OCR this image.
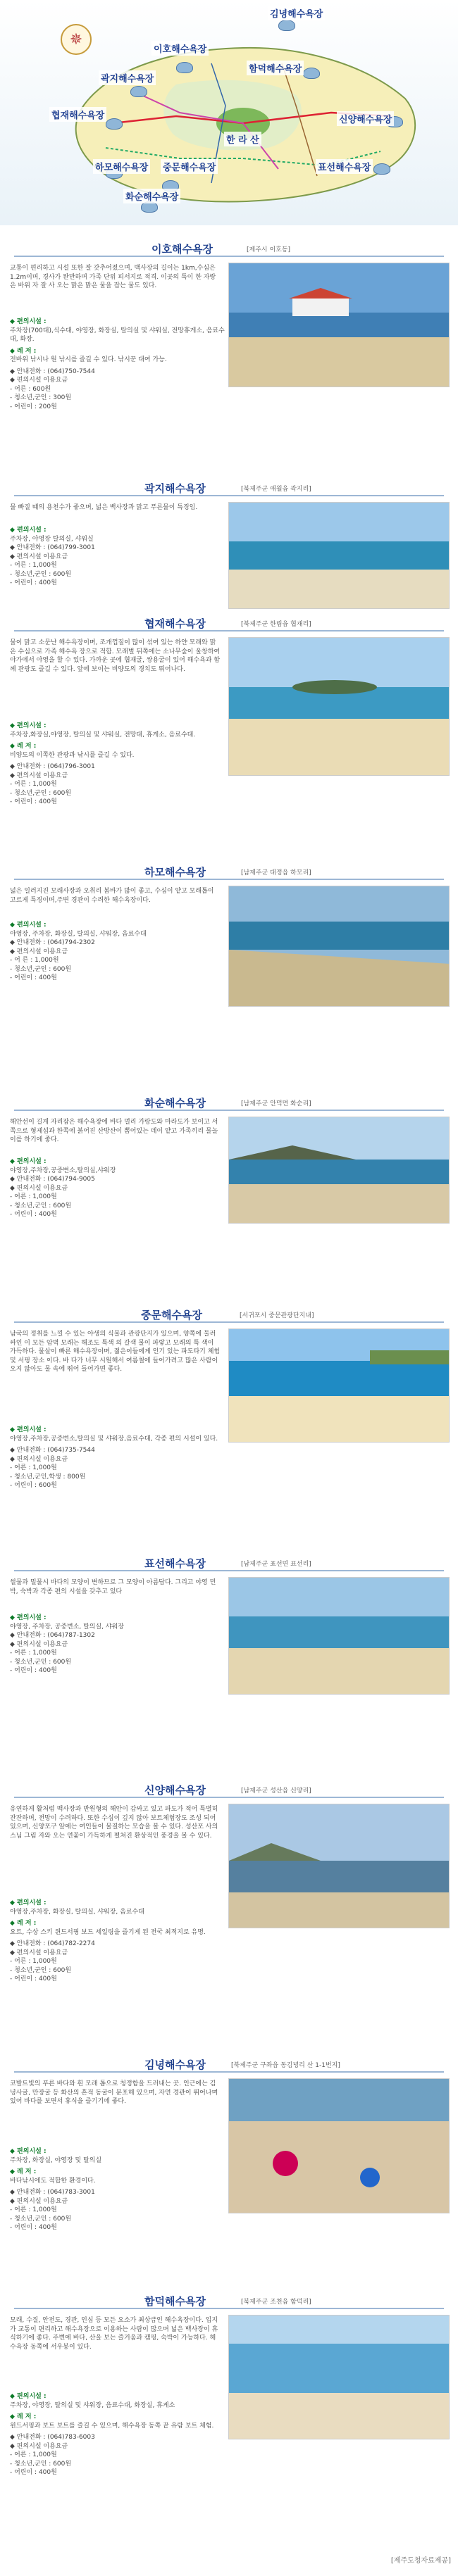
✵
김녕해수욕장
이호해수욕장
함덕해수욕장
곽지해수욕장
협재해수욕장	신양해수욕장
한 라 산
하모해수욕장 중문해수욕장	표선해수욕장
화순해수욕장
이호해수욕장	[제주시 이호동]
교통이 편리하고 시설 또한 잘 갖추어졌으며, 백사장의 길이는 1km,수심은 1.2m이며, 경사가 완만하며 가족 단위 피서지로 적격. 이곳의 특이 한 자랑은 바위 자 잘 사 오는 맑은 맑은 물을 잡는 물도 있다.
◆ 편의시설 :
주차장(700대),식수대, 야영장, 화장실, 탈의실 및 샤워실, 전망휴게소, 음료수대, 화장.
◆ 레 저 :
전바위 낚시나 원 낚시를 즐길 수 있다. 낚시꾼 대여 가능.
◆ 안내전화 : (064)750-7544
◆ 편의시설 이용요금
- 어른 : 600원
- 청소년,군인 : 300원
- 어린이 : 200원
곽지해수욕장	[북제주군 애월읍 곽지리]
물 빠질 때의 용천수가 좋으며, 넓은 백사장과 맑고 푸른물이 특징임.
◆ 편의시설 :
주차장, 야영장 탈의실, 샤워실
◆ 안내전화 : (064)799-3001
◆ 편의시설 이용요금
- 어른 : 1,000원
- 청소년,군인 : 600원
- 어린이 : 400원
협재해수욕장	[북제주군 한림읍 협재리]
물이 맑고 소문난 해수욕장이며, 조개껍질이 많이 섞여 있는 하얀 모래와 맑은 수심으로 가족 해수욕 장으로 적합. 모래벌 뒤쪽에는 소나무숲이 울창하여 야가에서 야영을 할 수 있다. 가까운 곳에 협재굴, 쌍용굴이 있어 해수욕과 함께 관광도 즐길 수 있다. 앞에 보이는 비양도의 경치도 뛰어나다.
◆ 편의시설 :
주차장,화장실,야영장, 탈의실 및 샤워실, 전망대, 휴게소, 음료수대.
◆ 레 저 :
비양도의 이쪽한 관광과 낚시를 즐길 수 있다.
◆ 안내전화 : (064)796-3001
◆ 편의시설 이용요금
- 어른 : 1,000원
- 청소년,군인 : 600원
- 어린이 : 400원
하모해수욕장	[남제주군 대정읍 하모리]
넓은 일러지진 모래사장과 오취리 봄바가 많이 좋고, 수심이 얕고 모래톱이 고르게 특징이며,주변 경관이 수려한 해수욕장이다.
◆ 편의시설 :
야영장, 주차장, 화장실, 탈의실, 샤워장, 음료수대
◆ 안내전화 : (064)794-2302
◆ 편의시설 이용요금
- 어 른 : 1,000원
- 청소년,군인 : 600원
- 어린이 : 400원
화순해수욕장	[남제주군 안덕면 화순리]
해안선이 길게 자리잡은 해수욕장에 바다 멀리 가랑도와 마라도가 보이고 서쪽으로 형제섬과 한쪽에 붉어진 산방산이 뽐어있는 데이 얕고 가족끼리 물놀이를 하기에 좋다.
◆ 편의시설 :
야영장,주차장,공중변소,탈의실,샤워장
◆ 안내전화 : (064)794-9005
◆ 편의시설 이용요금
- 어른 : 1,000원
- 청소년,군인 : 600원
- 어린이 : 400원
중문해수욕장	[서귀포시 중문관광단지내]
남국의 정취를 느낄 수 있는 야생의 식물과 관광단지가 있으며, 양쪽에 둘러싸인 이 모든 암벽 모래는 해조도 특색 의 갈색 물이 파랗고 모래의 특 색이 가득하다. 물살이 빠른 해수욕장이며, 젊은이들에게 인기 있는 파도타기 체험 및 서핑 장소 이다. 바 다가 너무 시원해서 여름철에 들어가려고 많은 사람이 오지 않아도 물 속에 뛰어 들어가면 좋다.
◆ 편의시설 :
야영장,주차장,공중변소,탈의실 및 샤워장,음료수대, 각종 편의 시설이 있다.
◆ 안내전화 : (064)735-7544
◆ 편의시설 이용요금
- 어른 : 1,000원
- 청소년,군인,학생 : 800원
- 어린이 : 600원
표선해수욕장	[남제주군 표선면 표선리]
썰물과 밀물시 바다의 모양이 변하므로 그 모양이 아름답다. 그리고 야영 민박, 숙박과 각종 편의 시설을 갖추고 있다
◆ 편의시설 :
야영장, 주차장, 공중변소, 탈의실, 샤워장
◆ 안내전화 : (064)787-1302
◆ 편의시설 이용요금
- 어른 : 1,000원
- 청소년,군인 : 600원
- 어린이 : 400원
신양해수욕장	[남제주군 성산읍 신양리]
유연하게 활처럼 백사장과 반원형의 해안이 감싸고 있고 파도가 적어 특별히 잔잔하며, 전망이 수려하다. 또한 수심이 깊지 않아 보트체험장도 조성 되어 있으며, 신양포구 앞에는 여인들이 물질하는 모습을 볼 수 있다. 성산포 사의 스님 그림 자와 오는 연꽃이 가득하게 펼쳐진 환상적인 풍경을 볼 수 있다.
◆ 편의시설 :
야영장,주차장, 화장실, 탈의실, 샤워장, 음료수대
◆ 레 저 :
요트, 수상 스키 윈드서핑 보드 세일링을 즐기게 된 전국 최적지로 유명.
◆ 안내전화 : (064)782-2274
◆ 편의시설 이용요금
- 어른 : 1,000원
- 청소년,군인 : 600원
- 어린이 : 400원
김녕해수욕장	[북제주군 구좌읍 동김녕리 산 1-1번지]
코발트빛의 푸른 바다와 흰 모래 톱으로 청정함을 드러내는 곳. 인근에는 김녕사굴, 만장굴 등 화산의 흔적 동굴이 분포해 있으며, 자연 경관이 뛰어나며 있어 바다를 보면서 휴식을 즐기기에 좋다.
◆ 편의시설 :
주차장, 화장실, 야영장 및 탈의실
◆ 레 저 :
바다낚시에도 적합한 환경이다.
◆ 안내전화 : (064)783-3001
◆ 편의시설 이용요금
- 어른 : 1,000원
- 청소년,군인 : 600원
- 어린이 : 400원
함덕해수욕장	[북제주군 조천읍 함덕리]
모래, 수질, 안전도, 경관, 인심 등 모든 요소가 최상급인 해수욕장이다. 입지가 교통이 편리하고 해수욕장으로 이용하는 사람이 많으며 넓은 백사장이 휴식하기에 좋다. 주변에 바다, 산을 보는 즐거움과 캠핑, 숙박이 가능하다. 해수욕장 동쪽에 서우봉이 있다.
◆ 편의시설 :
주차장, 야영장, 탈의실 및 샤워장, 음료수대, 화장실, 휴게소
◆ 레 저 :
윈드서핑과 보트 보트를 즐길 수 있으며, 해수욕장 동쪽 끝 유람 보트 체험.
◆ 안내전화 : (064)783-6003
◆ 편의시설 이용요금
- 어른 : 1,000원
- 청소년,군인 : 600원
- 어린이 : 400원
[제주도청자료제공]
